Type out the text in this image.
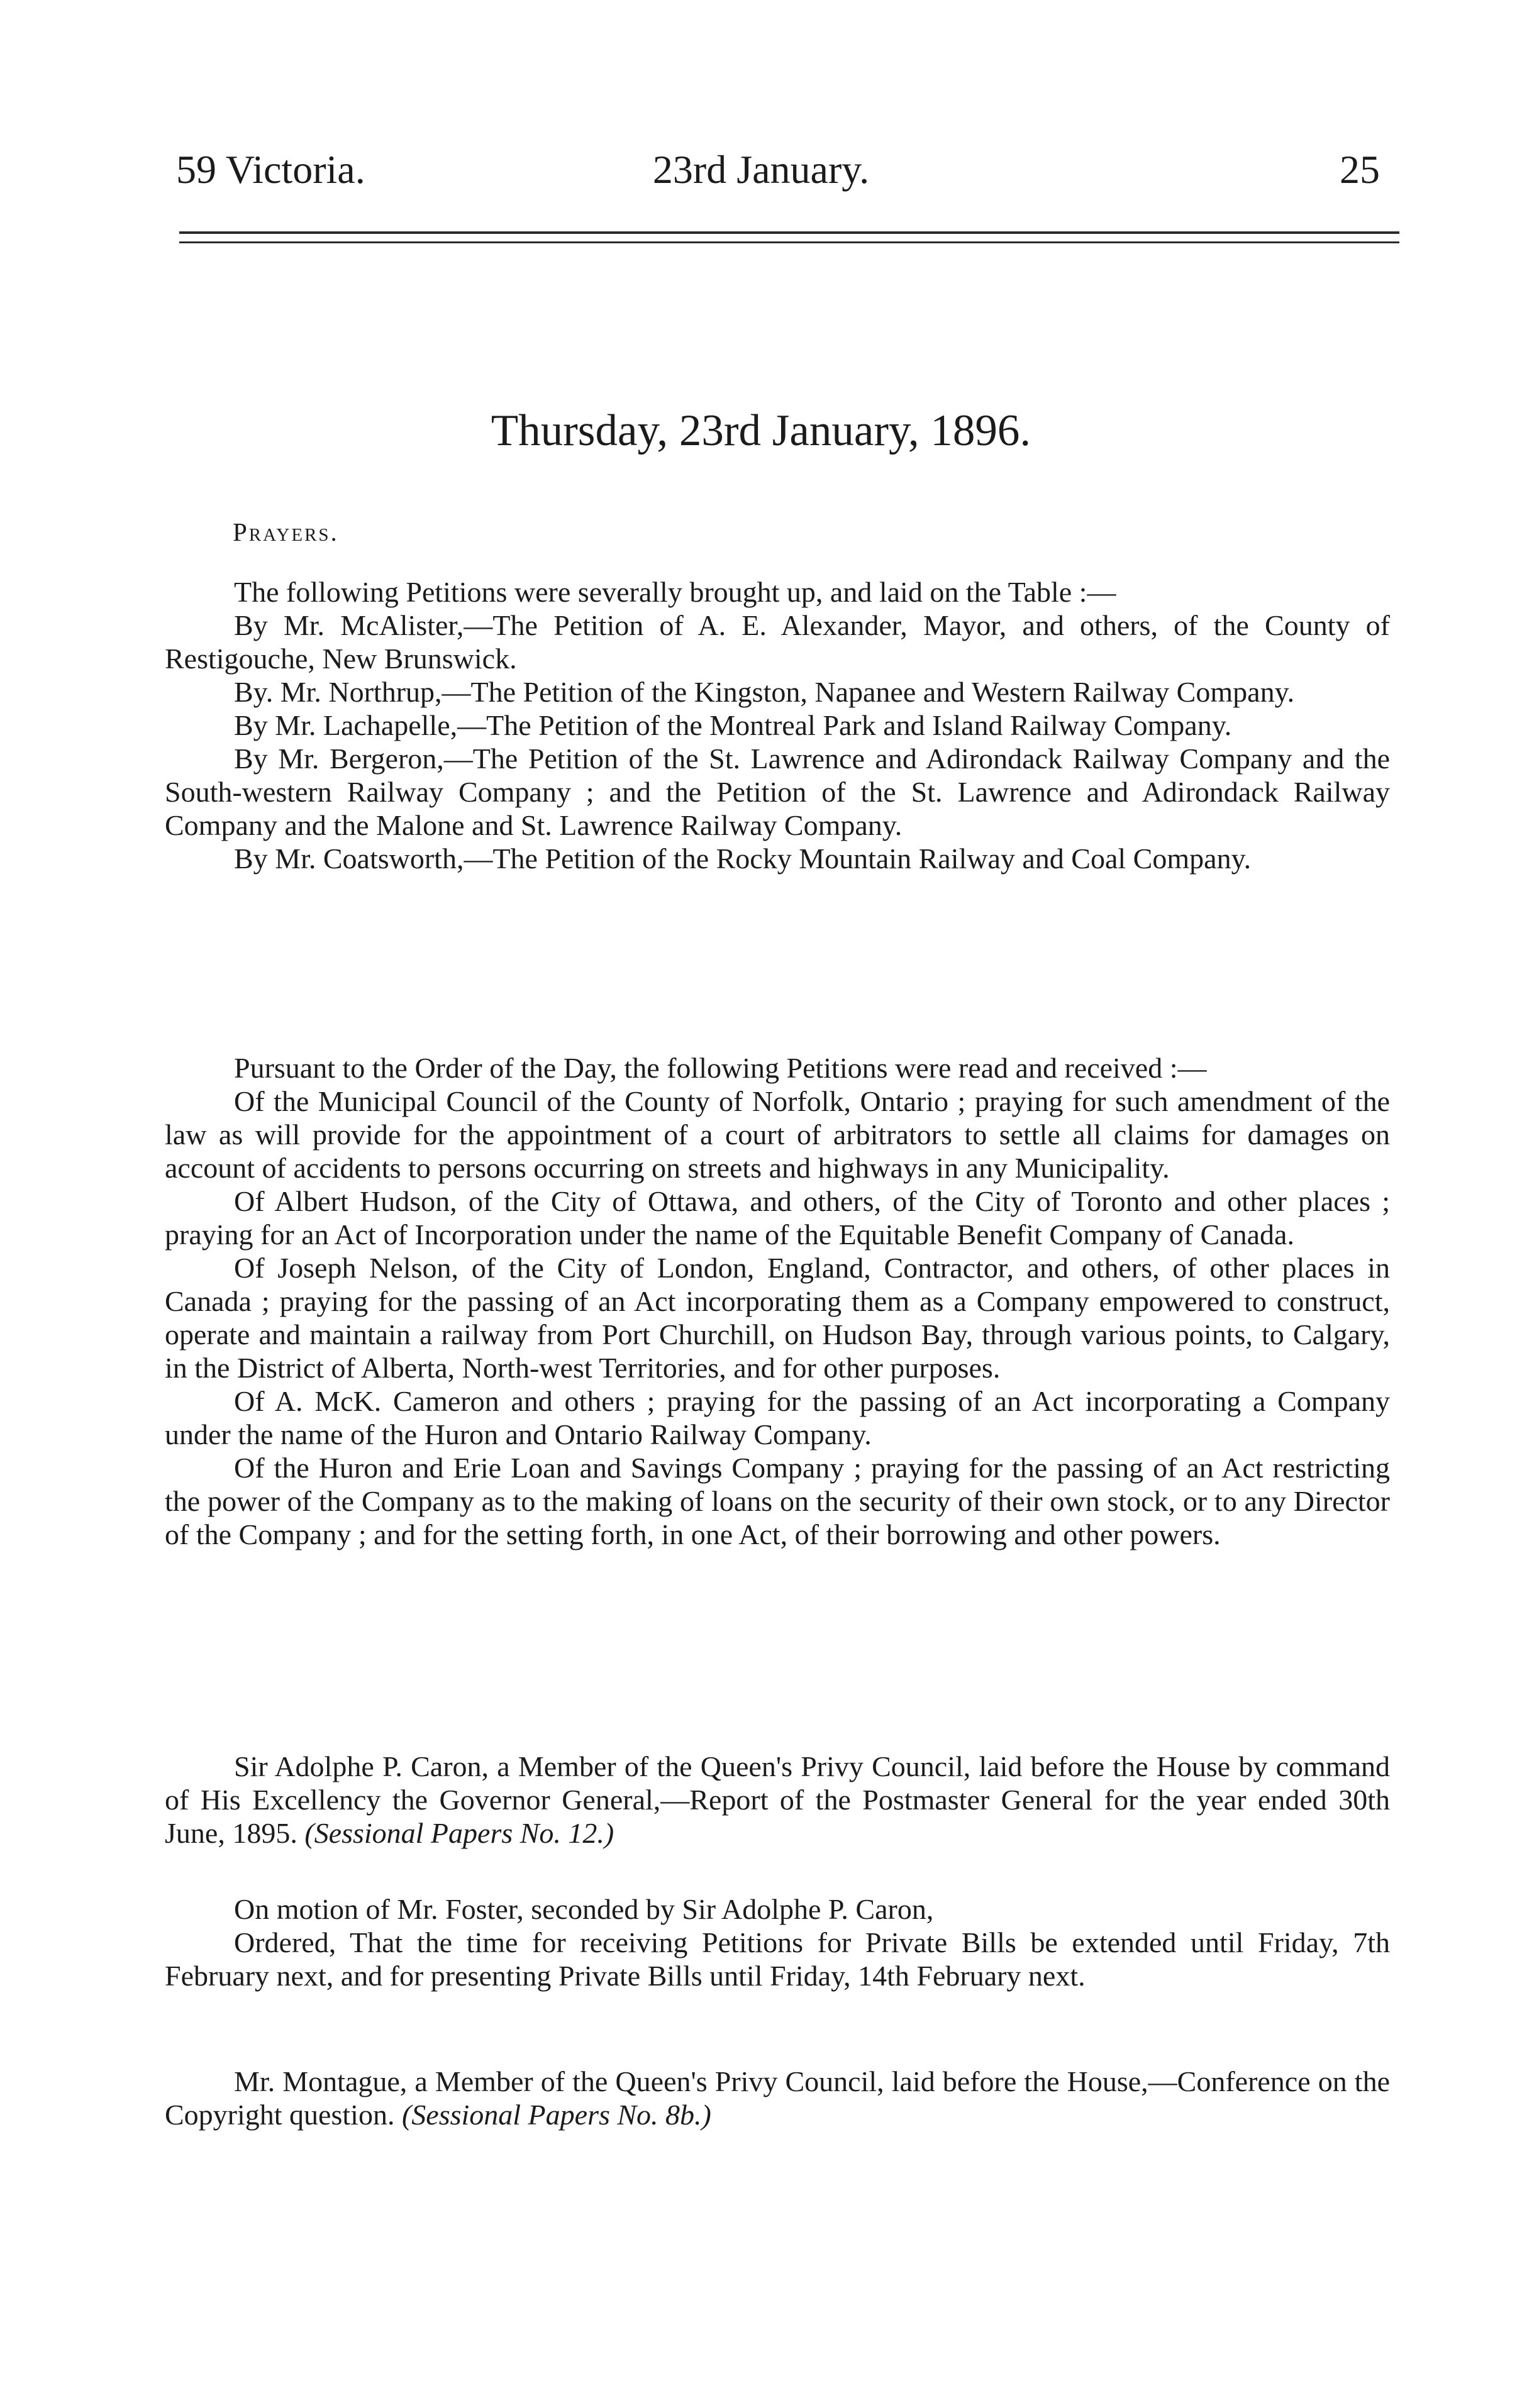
59 Victoria.	23rd January.	25
Thursday, 23rd January, 1896.
Prayers.

The following Petitions were severally brought up, and laid on the Table :—

By Mr. McAlister,—The Petition of A. E. Alexander, Mayor, and others, of the County of Restigouche, New Brunswick.

By. Mr. Northrup,—The Petition of the Kingston, Napanee and Western Railway Company.

By Mr. Lachapelle,—The Petition of the Montreal Park and Island Railway Company.

By Mr. Bergeron,—The Petition of the St. Lawrence and Adirondack Railway Company and the South-western Railway Company ; and the Petition of the St. Lawrence and Adirondack Railway Company and the Malone and St. Lawrence Railway Company.

By Mr. Coatsworth,—The Petition of the Rocky Mountain Railway and Coal Company.

Pursuant to the Order of the Day, the following Petitions were read and received :—

Of the Municipal Council of the County of Norfolk, Ontario ; praying for such amendment of the law as will provide for the appointment of a court of arbitrators to settle all claims for damages on account of accidents to persons occurring on streets and highways in any Municipality.

Of Albert Hudson, of the City of Ottawa, and others, of the City of Toronto and other places ; praying for an Act of Incorporation under the name of the Equitable Benefit Company of Canada.

Of Joseph Nelson, of the City of London, England, Contractor, and others, of other places in Canada ; praying for the passing of an Act incorporating them as a Company empowered to construct, operate and maintain a railway from Port Churchill, on Hudson Bay, through various points, to Calgary, in the District of Alberta, North-west Territories, and for other purposes.

Of A. McK. Cameron and others ; praying for the passing of an Act incorporating a Company under the name of the Huron and Ontario Railway Company.

Of the Huron and Erie Loan and Savings Company ; praying for the passing of an Act restricting the power of the Company as to the making of loans on the security of their own stock, or to any Director of the Company ; and for the setting forth, in one Act, of their borrowing and other powers.

Sir Adolphe P. Caron, a Member of the Queen's Privy Council, laid before the House by command of His Excellency the Governor General,—Report of the Postmaster General for the year ended 30th June, 1895. (Sessional Papers No. 12.)

On motion of Mr. Foster, seconded by Sir Adolphe P. Caron,

Ordered, That the time for receiving Petitions for Private Bills be extended until Friday, 7th February next, and for presenting Private Bills until Friday, 14th February next.

Mr. Montague, a Member of the Queen's Privy Council, laid before the House,—Conference on the Copyright question. (Sessional Papers No. 8b.)
